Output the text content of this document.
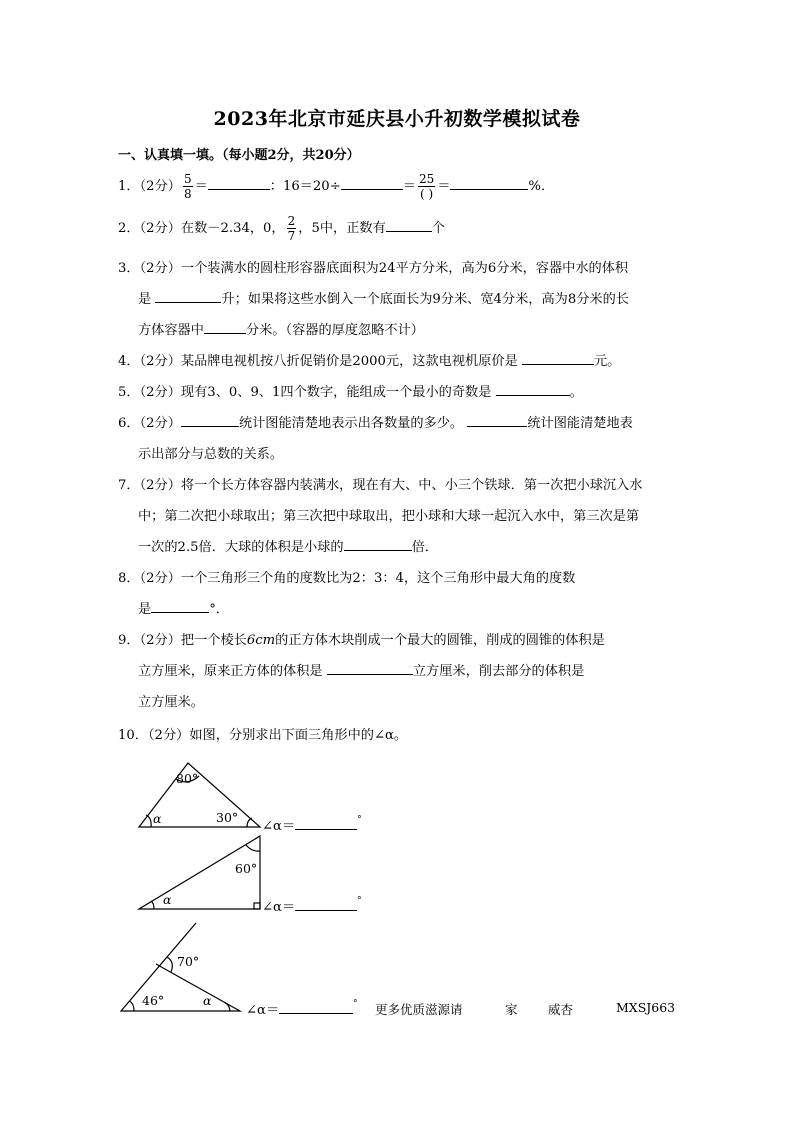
2023年北京市延庆县小升初数学模拟试卷
一、认真填一填。（每小题2分，共20分）
1．（2分） $\frac{5}{8}$ ＝	：16＝20÷	＝ $\frac{25}{( )}$ ＝	%．
2．（2分）在数－2.34，0， $\frac{2}{7}$ ，5中，正数有	个
3．（2分）一个装满水的圆柱形容器底面积为24平方分米，高为6分米，容器中水的体积
是	升；如果将这些水倒入一个底面长为9分米、宽4分米，高为8分米的长
方体容器中	分米。（容器的厚度忽略不计）
4．（2分）某品牌电视机按八折促销价是2000元，这款电视机原价是	元。
5．（2分）现有3、0、9、1四个数字，能组成一个最小的奇数是	。
6．（2分）	统计图能清楚地表示出各数量的多少。	统计图能清楚地表
示出部分与总数的关系。
7．（2分）将一个长方体容器内装满水，现在有大、中、小三个铁球．第一次把小球沉入水
中；第二次把小球取出；第三次把中球取出，把小球和大球一起沉入水中，第三次是第
一次的2.5倍．大球的体积是小球的	倍．
8．（2分）一个三角形三个角的度数比为2：3：4，这个三角形中最大角的度数
是	°．
9．（2分）把一个棱长6cm的正方体木块削成一个最大的圆锥，削成的圆锥的体积是
立方厘米，原来正方体的体积是	立方厘米，削去部分的体积是
立方厘米。
10．（2分）如图，分别求出下面三角形中的∠α。
80°
30°
α
60°
α
70°
46°	α
∠α＝	°
∠α＝	°
∠α＝	° 更多优质滋源请	家 威杏	MXSJ663
